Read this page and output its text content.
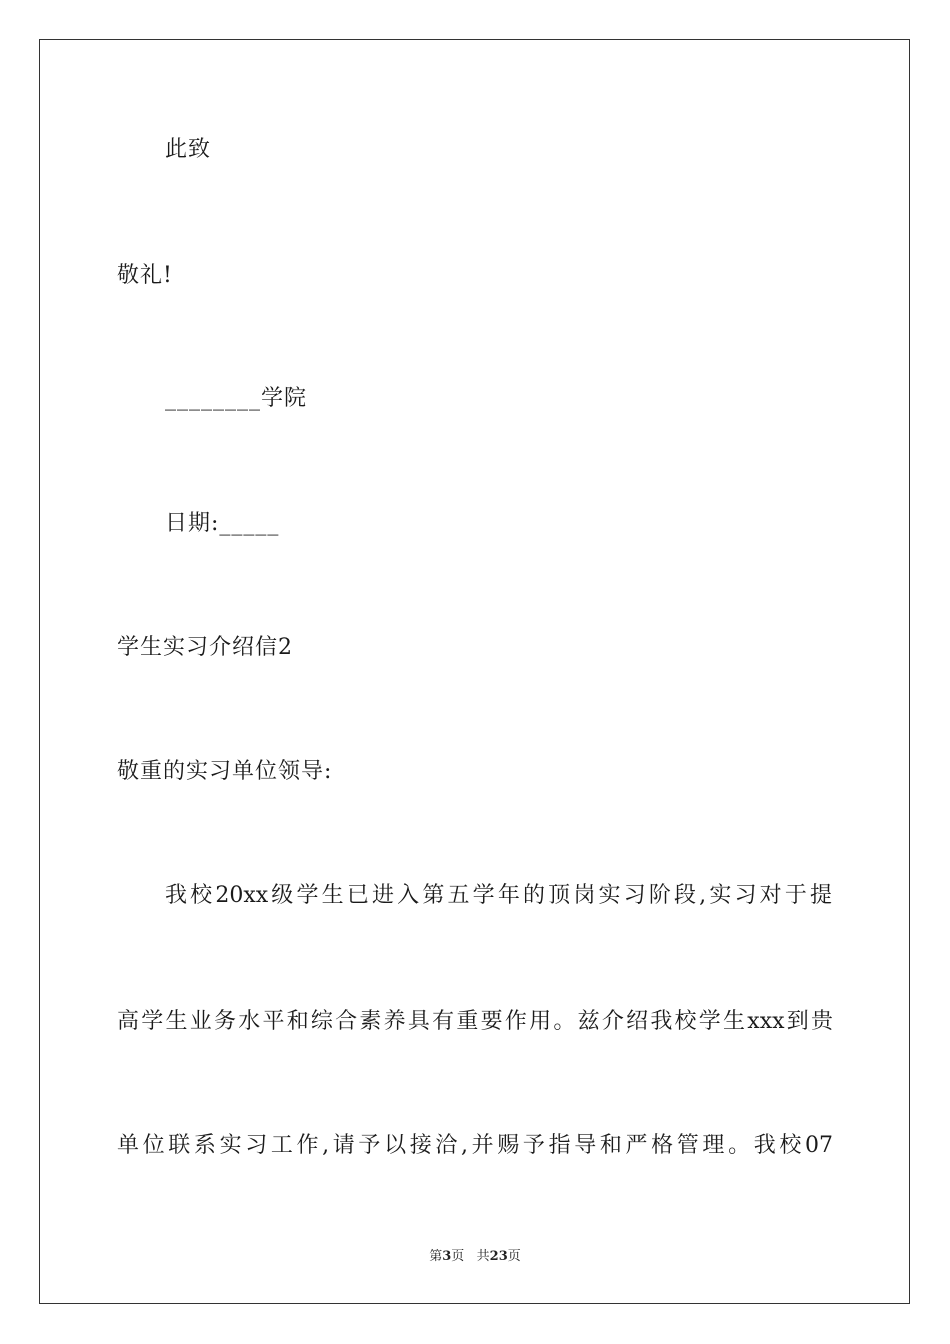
此致
敬礼!
________学院
日期:_____
学生实习介绍信2
敬重的实习单位领导:
我校20xx级学生已进入第五学年的顶岗实习阶段,实习对于提
高学生业务水平和综合素养具有重要作用。兹介绍我校学生xxx到贵
单位联系实习工作,请予以接洽,并赐予指导和严格管理。我校07
第3页   共23页
